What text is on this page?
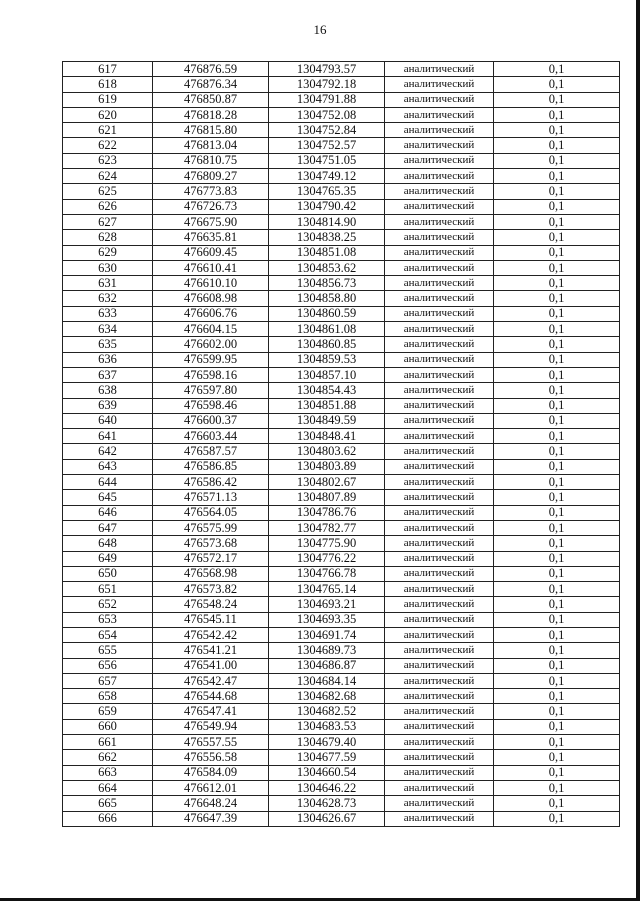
16
617	476876.59	1304793.57	аналитический	0,1
618	476876.34	1304792.18	аналитический	0,1
619	476850.87	1304791.88	аналитический	0,1
620	476818.28	1304752.08	аналитический	0,1
621	476815.80	1304752.84	аналитический	0,1
622	476813.04	1304752.57	аналитический	0,1
623	476810.75	1304751.05	аналитический	0,1
624	476809.27	1304749.12	аналитический	0,1
625	476773.83	1304765.35	аналитический	0,1
626	476726.73	1304790.42	аналитический	0,1
627	476675.90	1304814.90	аналитический	0,1
628	476635.81	1304838.25	аналитический	0,1
629	476609.45	1304851.08	аналитический	0,1
630	476610.41	1304853.62	аналитический	0,1
631	476610.10	1304856.73	аналитический	0,1
632	476608.98	1304858.80	аналитический	0,1
633	476606.76	1304860.59	аналитический	0,1
634	476604.15	1304861.08	аналитический	0,1
635	476602.00	1304860.85	аналитический	0,1
636	476599.95	1304859.53	аналитический	0,1
637	476598.16	1304857.10	аналитический	0,1
638	476597.80	1304854.43	аналитический	0,1
639	476598.46	1304851.88	аналитический	0,1
640	476600.37	1304849.59	аналитический	0,1
641	476603.44	1304848.41	аналитический	0,1
642	476587.57	1304803.62	аналитический	0,1
643	476586.85	1304803.89	аналитический	0,1
644	476586.42	1304802.67	аналитический	0,1
645	476571.13	1304807.89	аналитический	0,1
646	476564.05	1304786.76	аналитический	0,1
647	476575.99	1304782.77	аналитический	0,1
648	476573.68	1304775.90	аналитический	0,1
649	476572.17	1304776.22	аналитический	0,1
650	476568.98	1304766.78	аналитический	0,1
651	476573.82	1304765.14	аналитический	0,1
652	476548.24	1304693.21	аналитический	0,1
653	476545.11	1304693.35	аналитический	0,1
654	476542.42	1304691.74	аналитический	0,1
655	476541.21	1304689.73	аналитический	0,1
656	476541.00	1304686.87	аналитический	0,1
657	476542.47	1304684.14	аналитический	0,1
658	476544.68	1304682.68	аналитический	0,1
659	476547.41	1304682.52	аналитический	0,1
660	476549.94	1304683.53	аналитический	0,1
661	476557.55	1304679.40	аналитический	0,1
662	476556.58	1304677.59	аналитический	0,1
663	476584.09	1304660.54	аналитический	0,1
664	476612.01	1304646.22	аналитический	0,1
665	476648.24	1304628.73	аналитический	0,1
666	476647.39	1304626.67	аналитический	0,1
